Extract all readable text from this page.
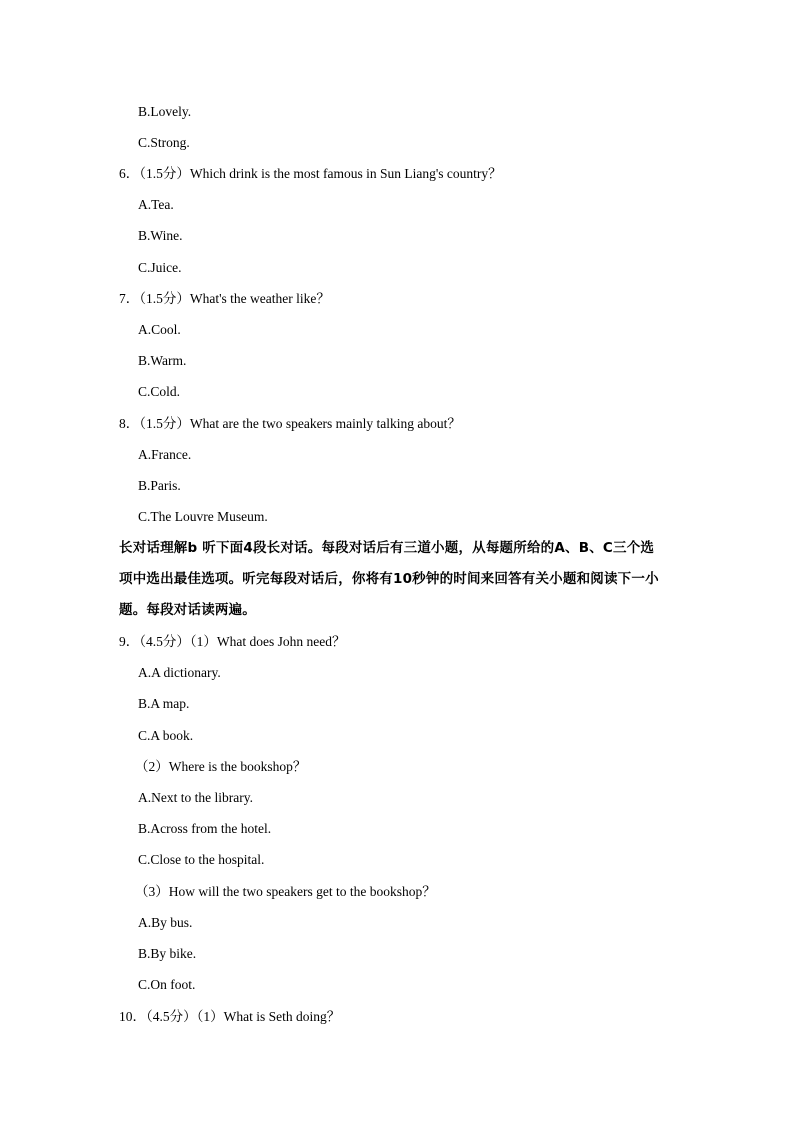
B.Lovely.
C.Strong.
6．（1.5分）Which drink is the most famous in Sun Liang's country？
A.Tea.
B.Wine.
C.Juice.
7．（1.5分）What's the weather like？
A.Cool.
B.Warm.
C.Cold.
8．（1.5分）What are the two speakers mainly talking about？
A.France.
B.Paris.
C.The Louvre Museum.
长对话理解b 听下面4段长对话。每段对话后有三道小题，从每题所给的A、B、C三个选
项中选出最佳选项。听完每段对话后，你将有10秒钟的时间来回答有关小题和阅读下一小
题。每段对话读两遍。
9．（4.5分）（1）What does John need？
A.A dictionary.
B.A map.
C.A book.
（2）Where is the bookshop？
A.Next to the library.
B.Across from the hotel.
C.Close to the hospital.
（3）How will the two speakers get to the bookshop？
A.By bus.
B.By bike.
C.On foot.
10．（4.5分）（1）What is Seth doing？
